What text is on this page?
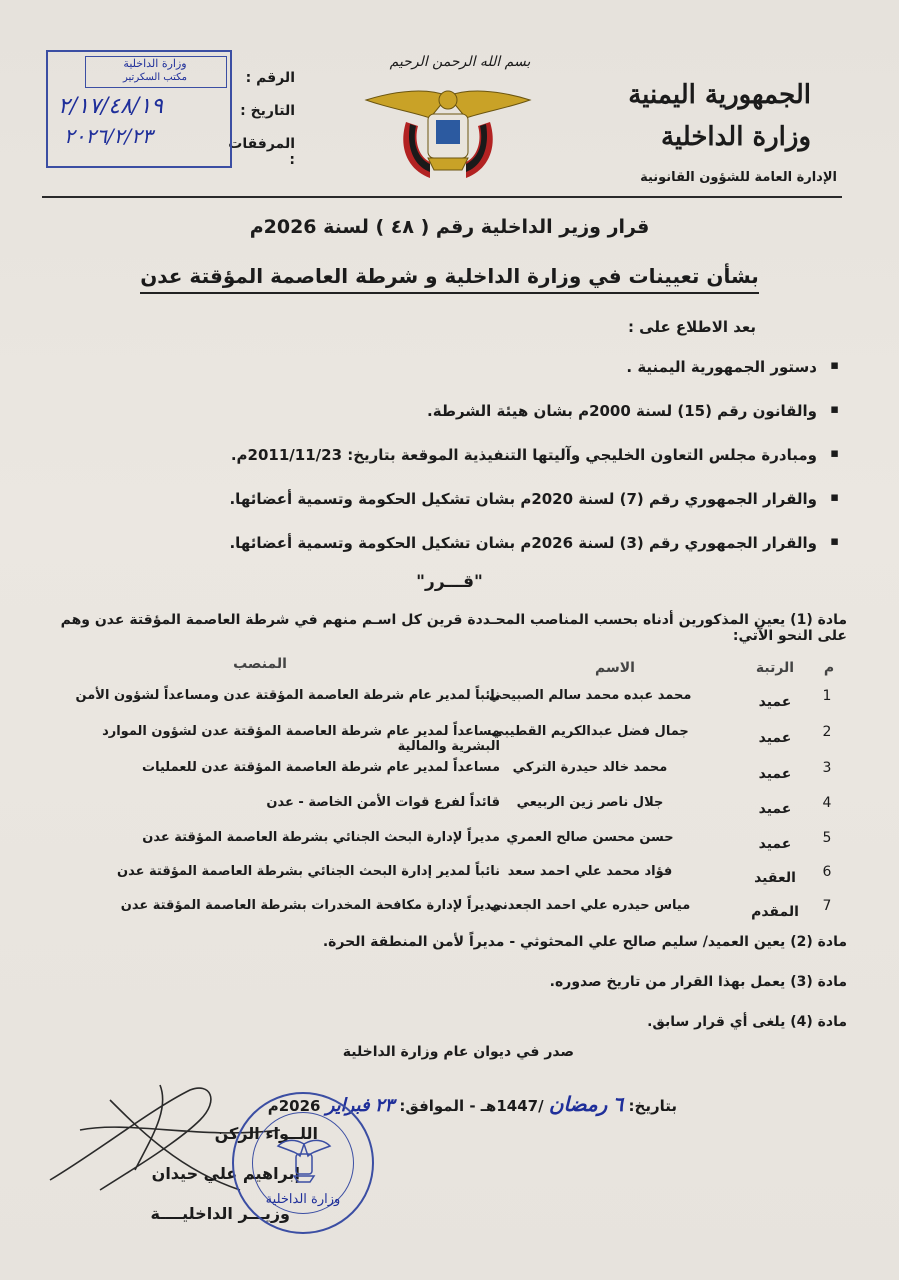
الجمهورية اليمنية
وزارة الداخلية
الإدارة العامة للشؤون القانونية
بسم الله الرحمن الرحيم
الرقم :
التاريخ :
المرفقات :
وزارة الداخلية
مكتب السكرتير
٢/١٧/٤٨/١٩
٢٠٢٦/٢/٢٣
قرار وزير الداخلية رقم ( ٤٨ ) لسنة 2026م
بشأن تعيينات في وزارة الداخلية و شرطة العاصمة المؤقتة عدن
بعد الاطلاع على :
دستور الجمهورية اليمنية . ▪
والقانون رقم (15) لسنة 2000م بشان هيئة الشرطة. ▪
ومبادرة مجلس التعاون الخليجي وآليتها التنفيذية الموقعة بتاريخ: 2011/11/23م. ▪
والقرار الجمهوري رقم (7) لسنة 2020م بشان تشكيل الحكومة وتسمية أعضائها. ▪
والقرار الجمهوري رقم (3) لسنة 2026م بشان تشكيل الحكومة وتسمية أعضائها. ▪
"قـــرر"
مادة (1) يعين المذكورين أدناه بحسب المناصب المحـددة قرين كل اسـم منهم في شرطة العاصمة المؤقتة عدن وهم على النحو الآتي:
م
الرتبة
الاسم
المنصب
1
عميد
محمد عبده محمد سالم الصبيحي
نائباً لمدير عام شرطة العاصمة المؤقتة عدن ومساعداً لشؤون الأمن
2
عميد
جمال فضل عبدالكريم القطيبي
مساعداً لمدير عام شرطة العاصمة المؤقتة عدن لشؤون الموارد البشرية والمالية
3
عميد
محمد خالد حيدرة التركي
مساعداً لمدير عام شرطة العاصمة المؤقتة عدن للعمليات
4
عميد
جلال ناصر زين الربيعي
قائداً لفرع قوات الأمن الخاصة - عدن
5
عميد
حسن محسن صالح العمري
مديراً لإدارة البحث الجنائي بشرطة العاصمة المؤقتة عدن
6
العقيد
فؤاد محمد علي احمد سعد
نائباً لمدير إدارة البحث الجنائي بشرطة العاصمة المؤقتة عدن
7
المقدم
مياس حيدره علي احمد الجعدني
مديراً لإدارة مكافحة المخدرات بشرطة العاصمة المؤقتة عدن
مادة (2) يعين العميد/ سليم صالح علي المحثوثي - مديراً لأمن المنطقة الحرة.
مادة (3) يعمل بهذا القرار من تاريخ صدوره.
مادة (4) يلغى أي قرار سابق.
صدر في ديوان عام وزارة الداخلية
بتاريخ: ٦ رمضان /1447هـ - الموافق: ٢٣ فبراير 2026م
اللــواء الركن
إبراهيم علي حيدان
وزيـــر الداخليــــة
وزارة الداخلية
